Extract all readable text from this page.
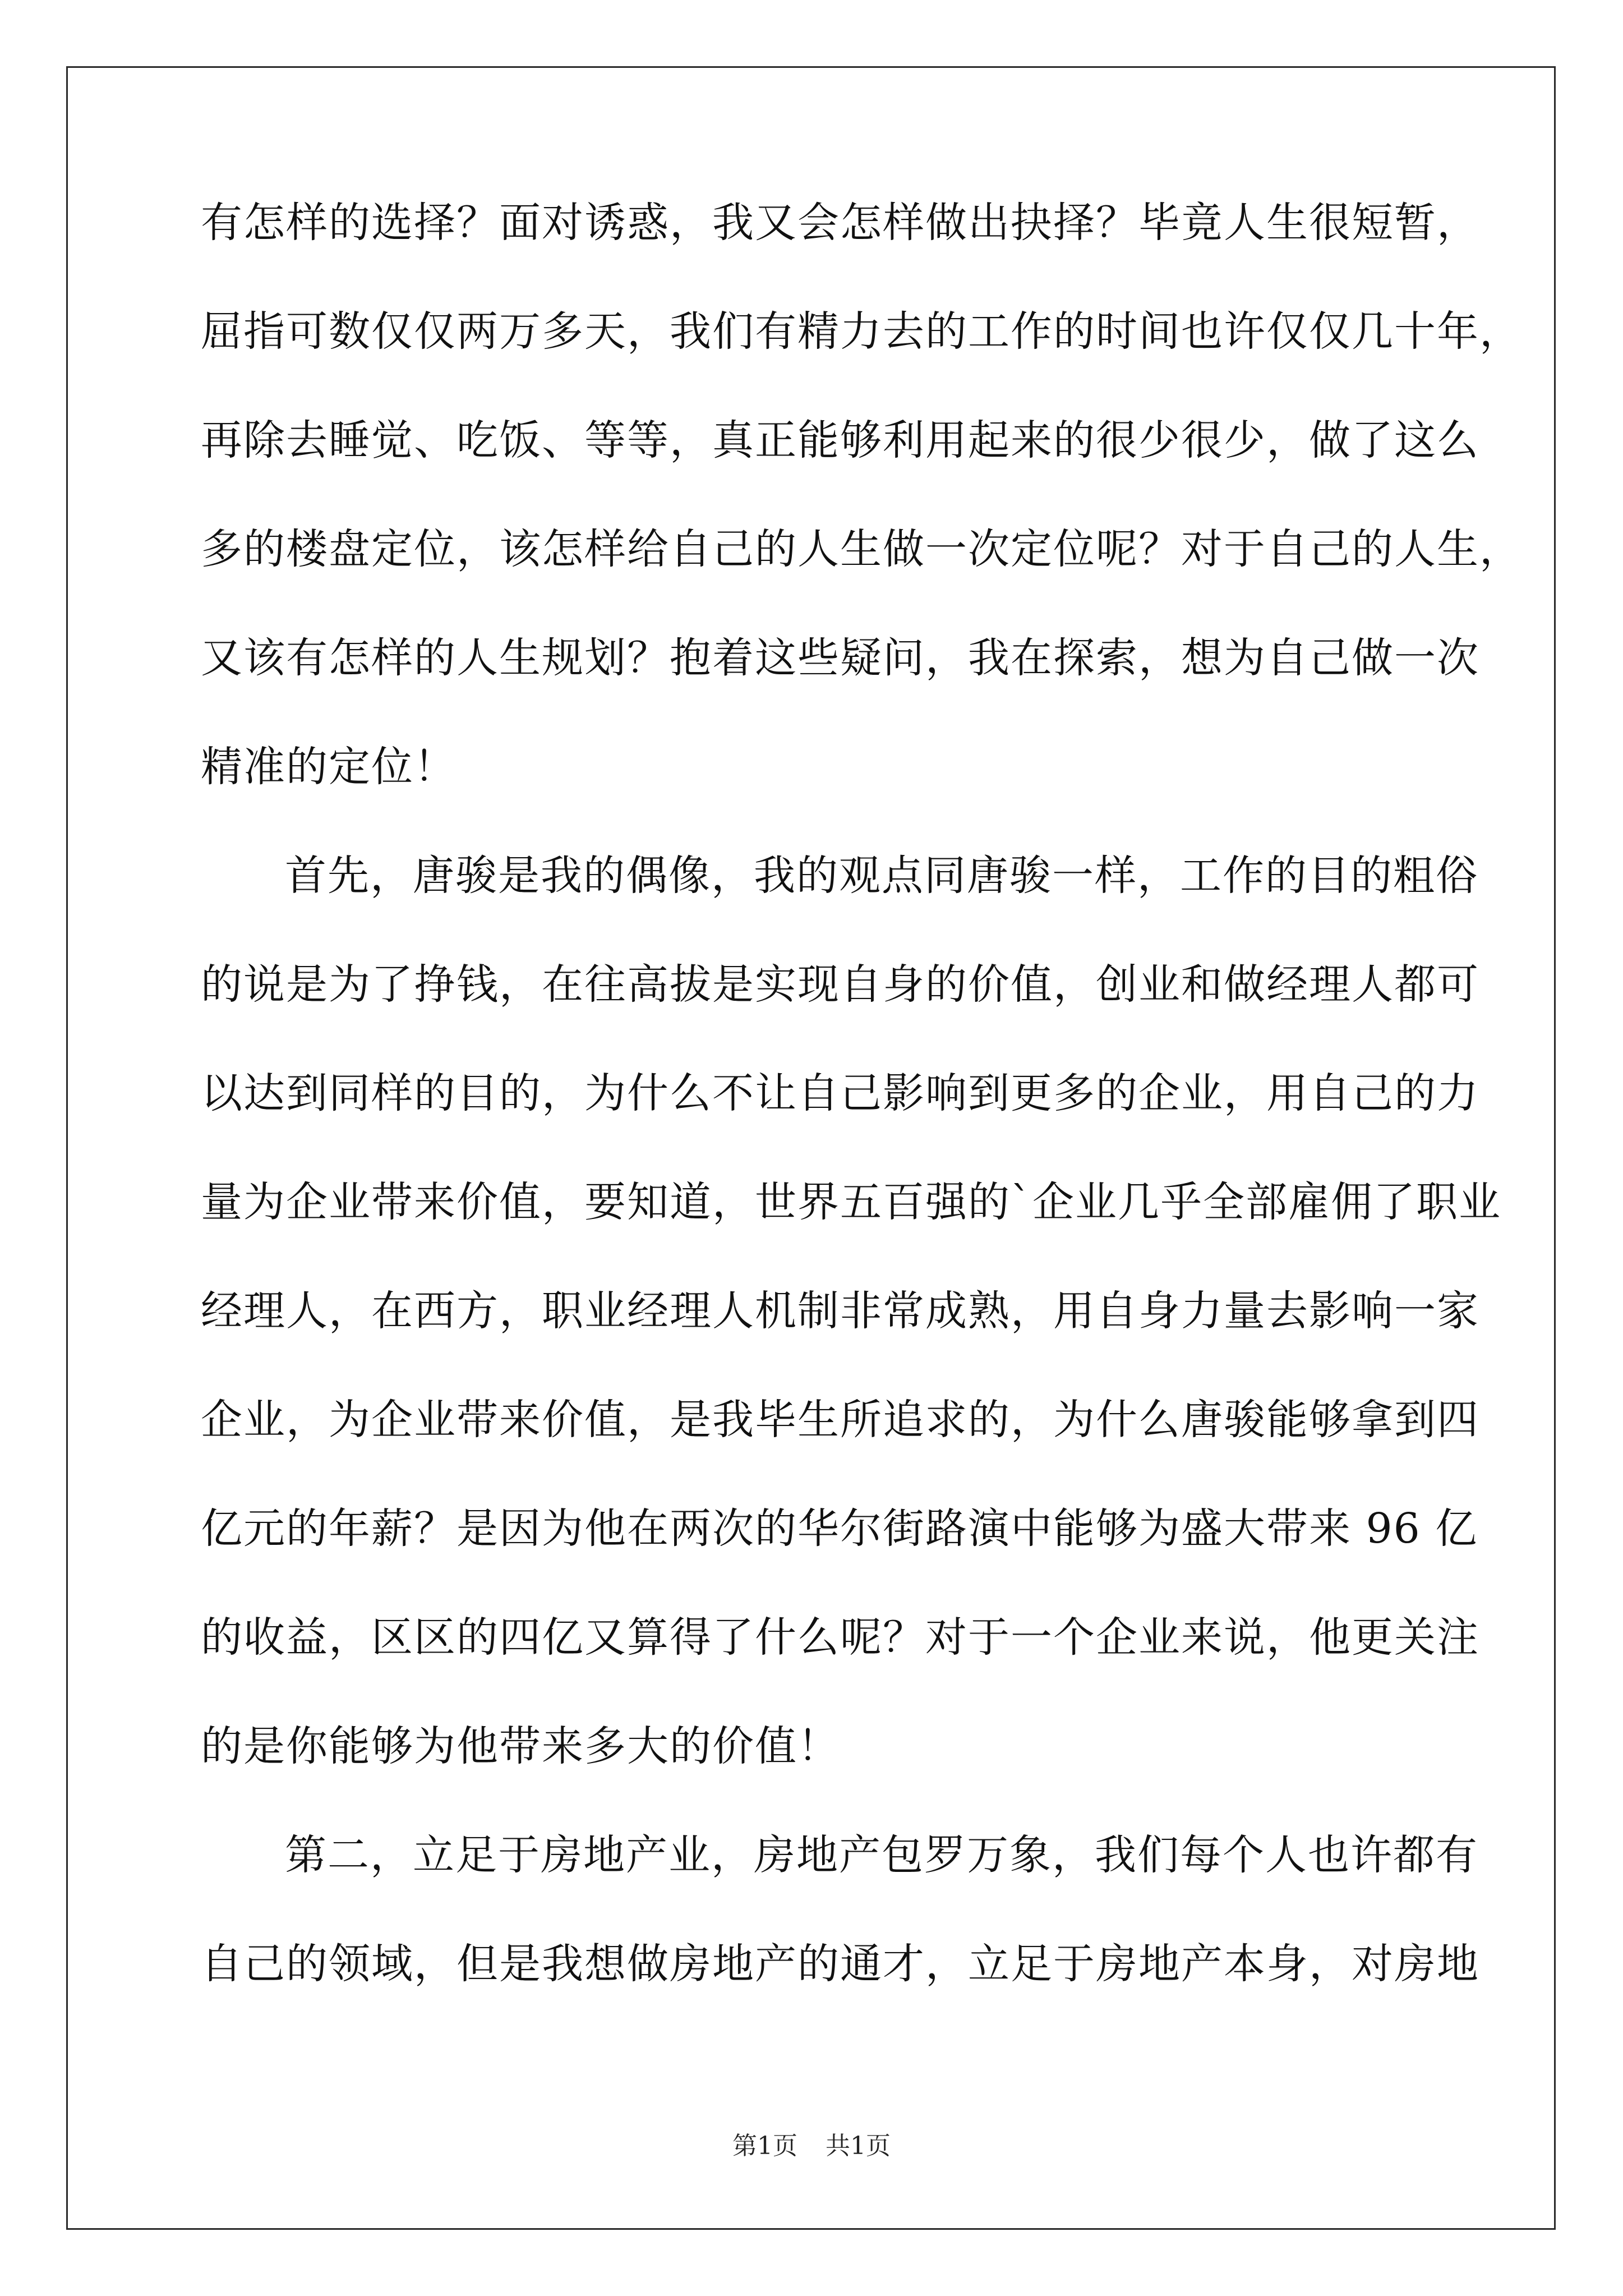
有怎样的选择？面对诱惑，我又会怎样做出抉择？毕竟人生很短暂，
屈指可数仅仅两万多天，我们有精力去的工作的时间也许仅仅几十年，
再除去睡觉、吃饭、等等，真正能够利用起来的很少很少，做了这么
多的楼盘定位，该怎样给自己的人生做一次定位呢？对于自己的人生，
又该有怎样的人生规划？抱着这些疑问，我在探索，想为自己做一次
精准的定位！
首先，唐骏是我的偶像，我的观点同唐骏一样，工作的目的粗俗
的说是为了挣钱，在往高拔是实现自身的价值，创业和做经理人都可
以达到同样的目的，为什么不让自己影响到更多的企业，用自己的力
量为企业带来价值，要知道，世界五百强的`企业几乎全部雇佣了职业
经理人，在西方，职业经理人机制非常成熟，用自身力量去影响一家
企业，为企业带来价值，是我毕生所追求的，为什么唐骏能够拿到四
亿元的年薪？是因为他在两次的华尔街路演中能够为盛大带来 96 亿
的收益，区区的四亿又算得了什么呢？对于一个企业来说，他更关注
的是你能够为他带来多大的价值！
第二，立足于房地产业，房地产包罗万象，我们每个人也许都有
自己的领域，但是我想做房地产的通才，立足于房地产本身，对房地
第1页 共1页
